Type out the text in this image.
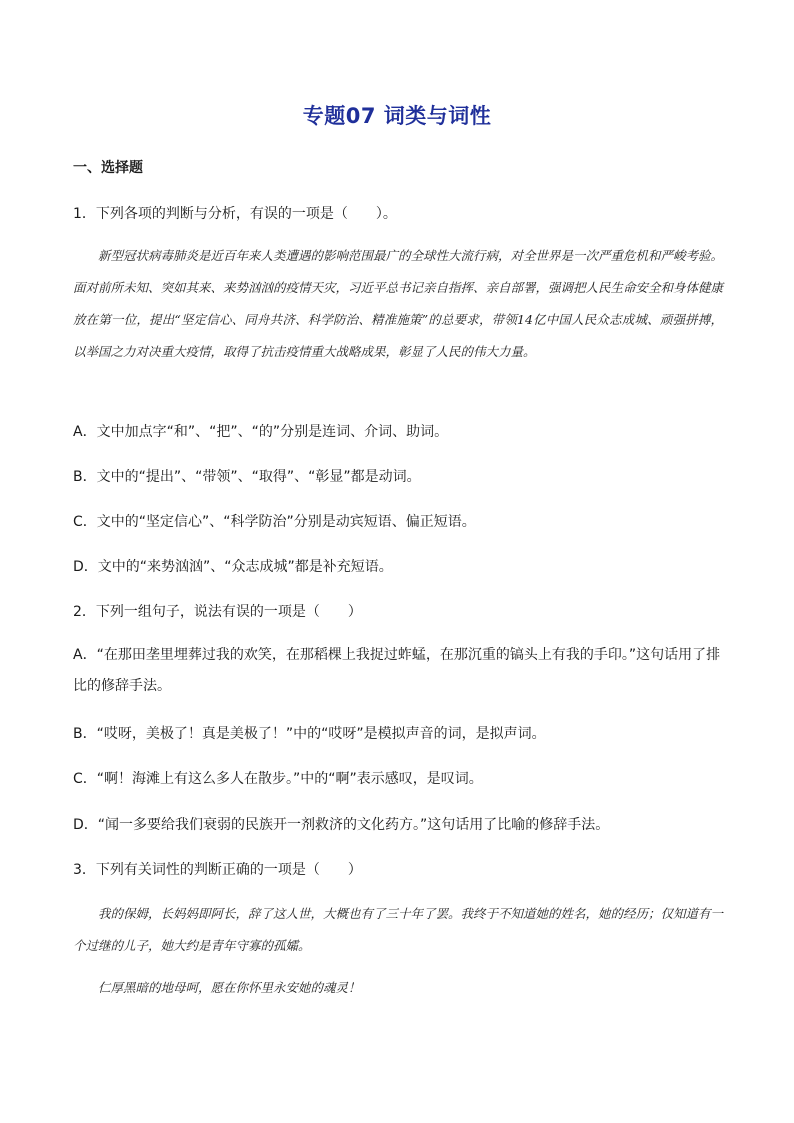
专题07 词类与词性
一、选择题
1．下列各项的判断与分析，有误的一项是（　　）。

新型冠状病毒肺炎是近百年来人类遭遇的影响范围最广的全球性大流行病，对全世界是一次严重危机和严峻考验。面对前所未知、突如其来、来势汹汹的疫情天灾，习近平总书记亲自指挥、亲自部署，强调把人民生命安全和身体健康放在第一位，提出“坚定信心、同舟共济、科学防治、精准施策”的总要求，带领14亿中国人民众志成城、顽强拼搏，以举国之力对决重大疫情，取得了抗击疫情重大战略成果，彰显了人民的伟大力量。

A．文中加点字“和”、“把”、“的”分别是连词、介词、助词。
B．文中的“提出”、“带领”、“取得”、“彰显”都是动词。
C．文中的“坚定信心”、“科学防治”分别是动宾短语、偏正短语。
D．文中的“来势汹汹”、“众志成城”都是补充短语。
2．下列一组句子，说法有误的一项是（　　）
A．“在那田垄里埋葬过我的欢笑，在那稻棵上我捉过蚱蜢，在那沉重的镐头上有我的手印。”这句话用了排比的修辞手法。
B．“哎呀，美极了！真是美极了！”中的“哎呀”是模拟声音的词，是拟声词。
C．“啊！海滩上有这么多人在散步。”中的“啊”表示感叹，是叹词。
D．“闻一多要给我们衰弱的民族开一剂救济的文化药方。”这句话用了比喻的修辞手法。
3．下列有关词性的判断正确的一项是（　　）

我的保姆，长妈妈即阿长，辞了这人世，大概也有了三十年了罢。我终于不知道她的姓名，她的经历；仅知道有一个过继的儿子，她大约是青年守寡的孤孀。

仁厚黑暗的地母呵，愿在你怀里永安她的魂灵！
